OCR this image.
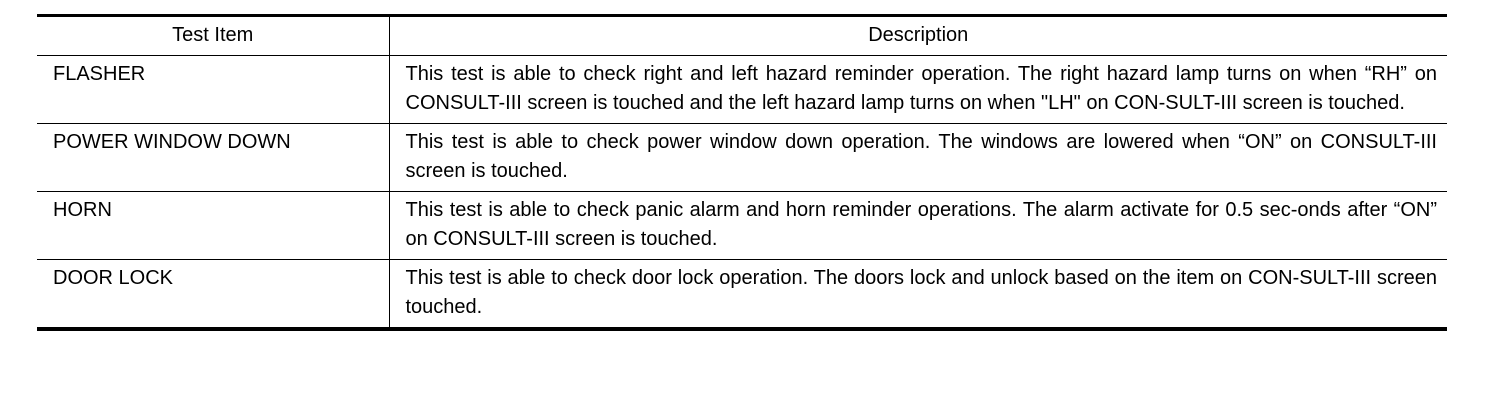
Test Item	Description
FLASHER	This test is able to check right and left hazard reminder operation. The right hazard lamp turns on when “RH” on CONSULT-III screen is touched and the left hazard lamp turns on when "LH" on CON-SULT-III screen is touched.
POWER WINDOW DOWN	This test is able to check power window down operation. The windows are lowered when “ON” on CONSULT-III screen is touched.
HORN	This test is able to check panic alarm and horn reminder operations. The alarm activate for 0.5 sec-onds after “ON” on CONSULT-III screen is touched.
DOOR LOCK	This test is able to check door lock operation. The doors lock and unlock based on the item on CON-SULT-III screen touched.
